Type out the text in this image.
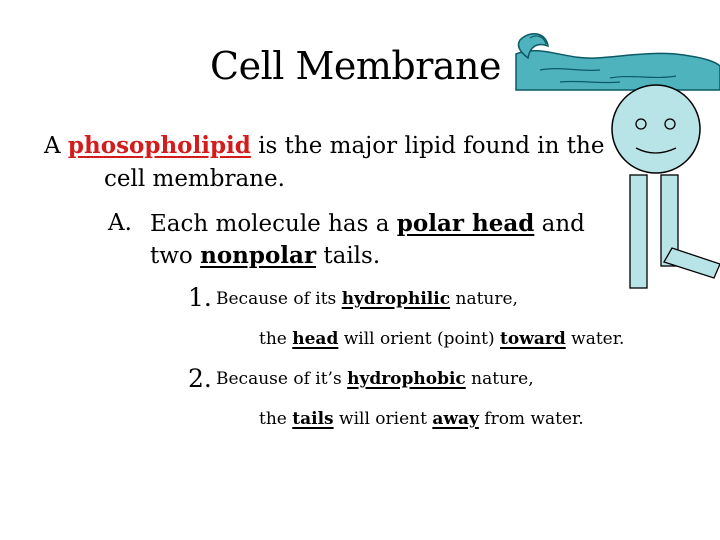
Cell Membrane
A phosopholipid is the major lipid found in the
cell membrane.
A. Each molecule has a polar head and
two nonpolar tails.
1. Because of its hydrophilic nature,
the head will orient (point) toward water.
2. Because of it’s hydrophobic nature,
the tails will orient away from water.
